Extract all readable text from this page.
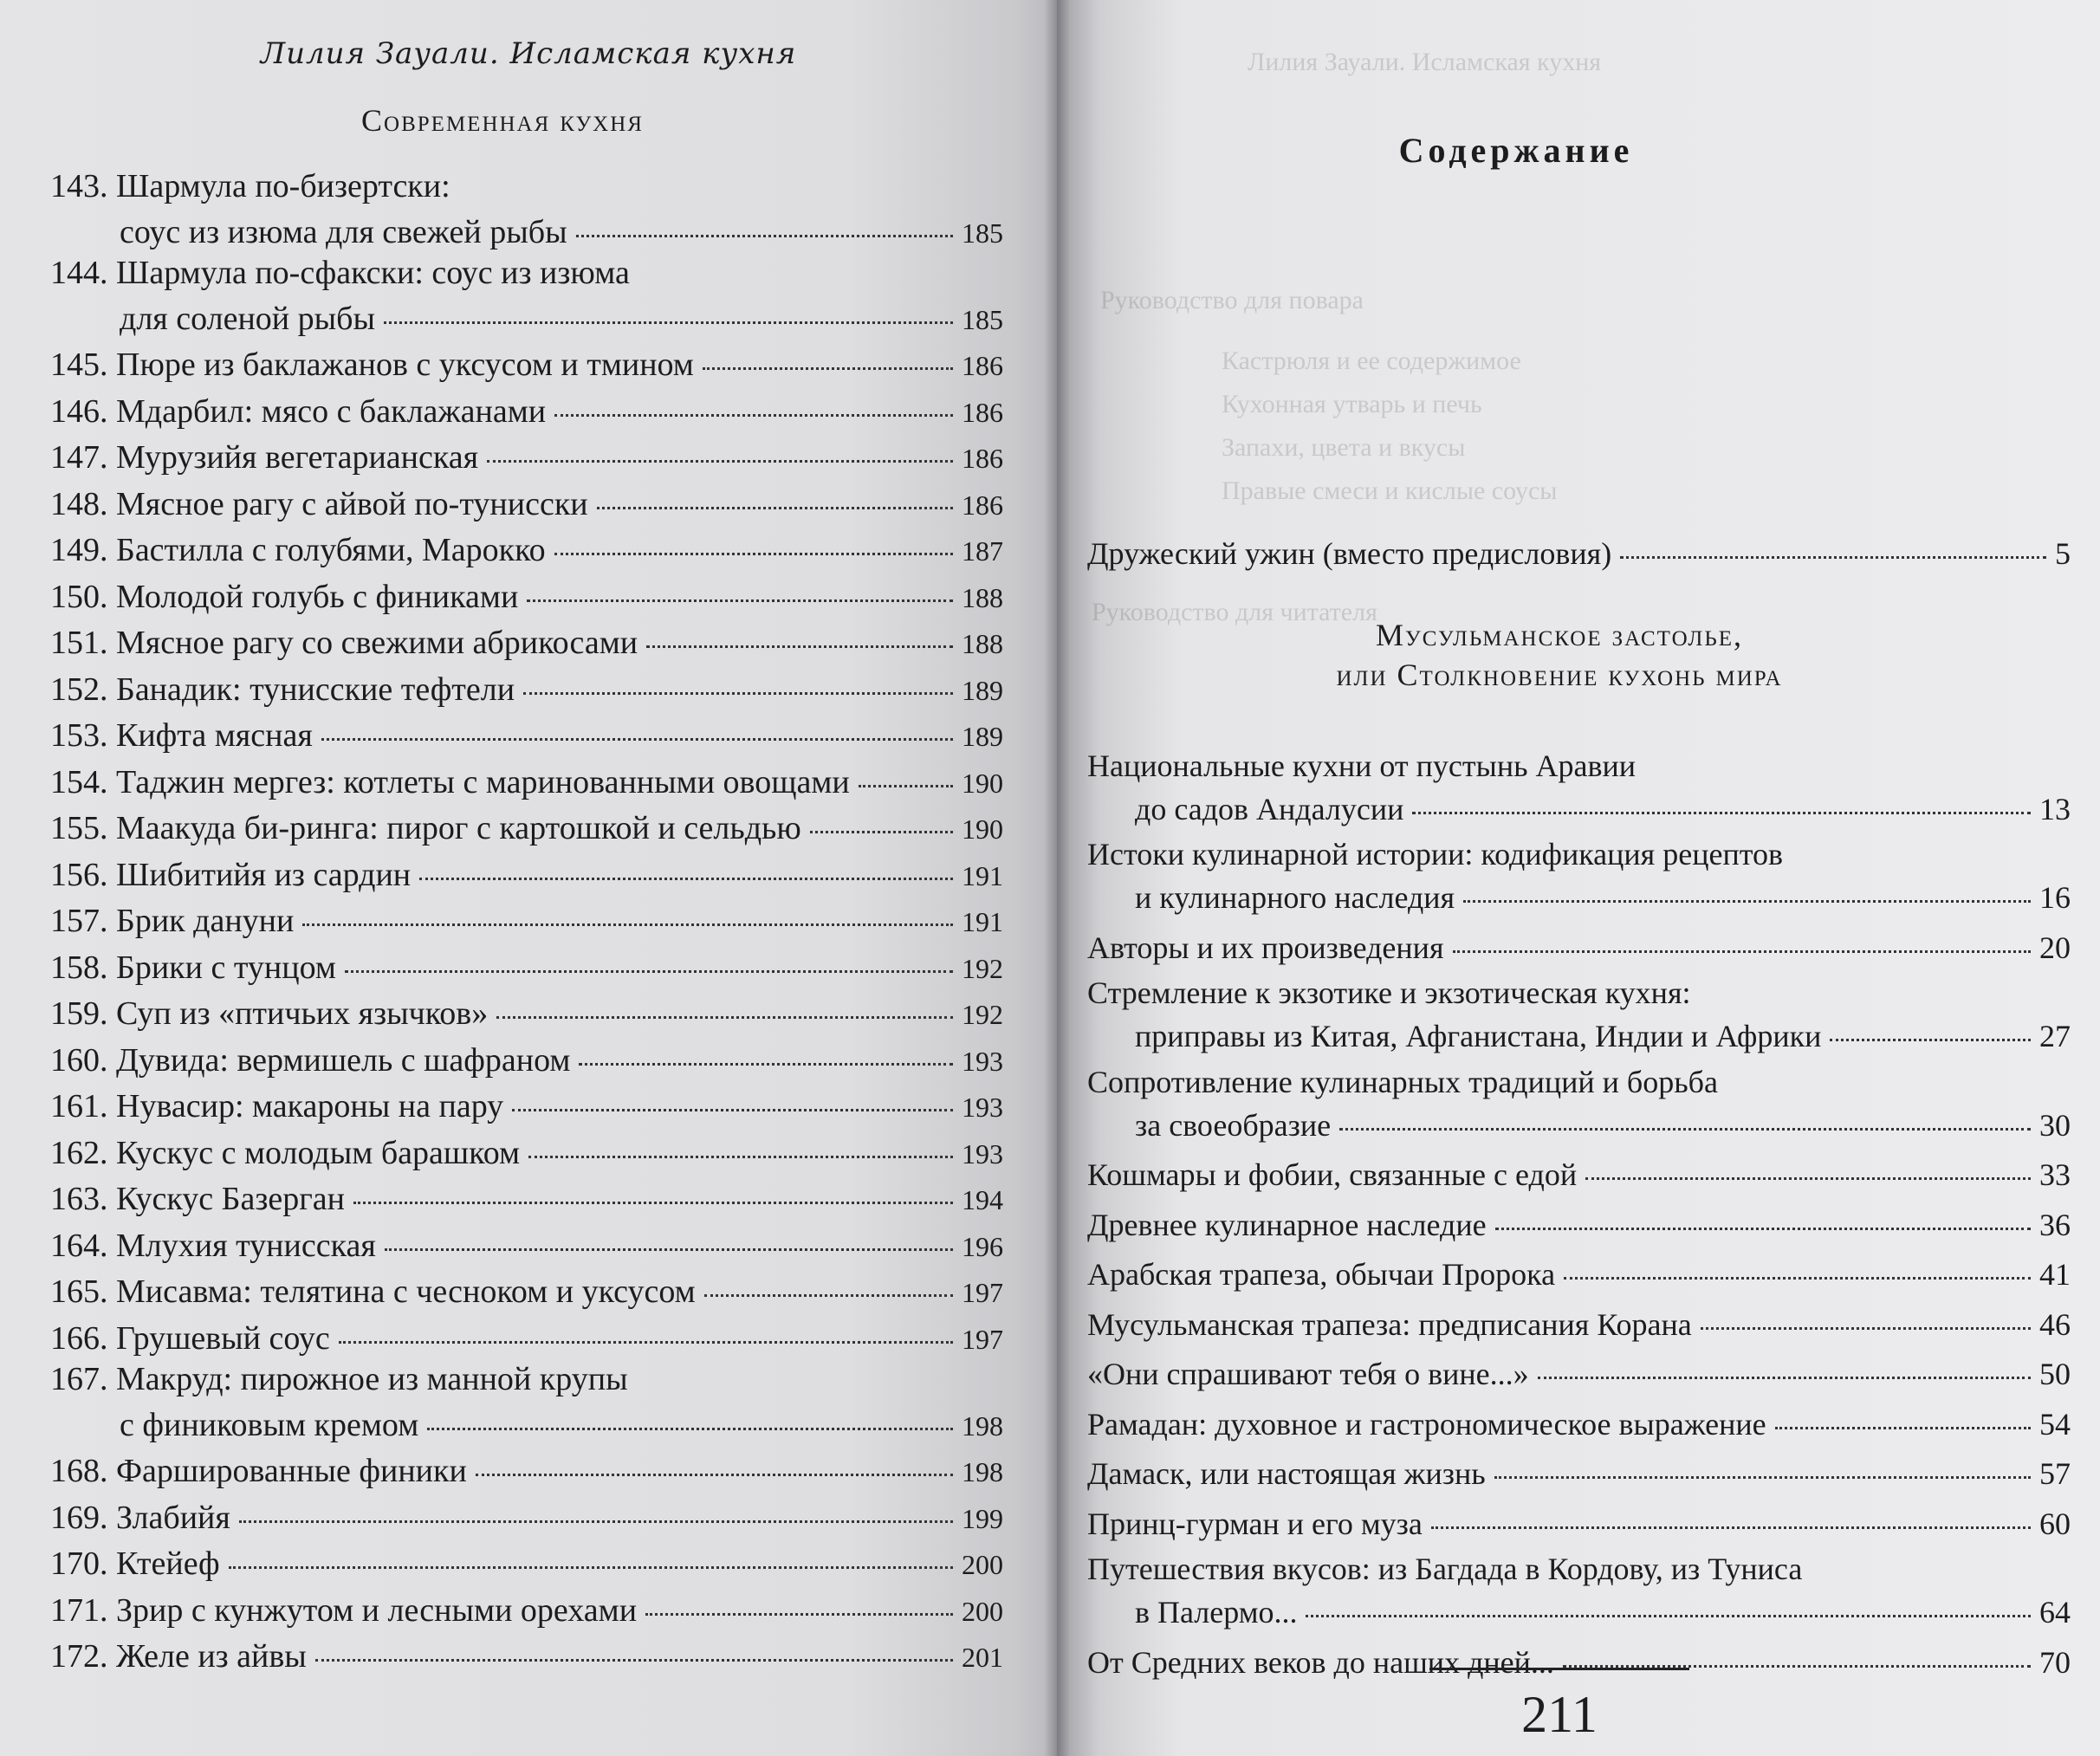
Лилия Зауали. Исламская кухня
Современная кухня
143. Шармула по-бизертски:
соус из изюма для свежей рыбы	185
144. Шармула по-сфакски: соус из изюма
для соленой рыбы	185
145. Пюре из баклажанов с уксусом и тмином	186
146. Мдарбил: мясо с баклажанами	186
147. Мурузийя вегетарианская	186
148. Мясное рагу с айвой по-тунисски	186
149. Бастилла с голубями, Марокко	187
150. Молодой голубь с финиками	188
151. Мясное рагу со свежими абрикосами	188
152. Банадик: тунисские тефтели	189
153. Кифта мясная	189
154. Таджин мергез: котлеты с маринованными овощами	190
155. Маакуда би-ринга: пирог с картошкой и сельдью	190
156. Шибитийя из сардин	191
157. Брик дануни	191
158. Брики с тунцом	192
159. Суп из «птичьих язычков»	192
160. Дувида: вермишель с шафраном	193
161. Нувасир: макароны на пару	193
162. Кускус с молодым барашком	193
163. Кускус Базерган	194
164. Млухия тунисская	196
165. Мисавма: телятина с чесноком и уксусом	197
166. Грушевый соус	197
167. Макруд: пирожное из манной крупы
с финиковым кремом	198
168. Фаршированные финики	198
169. Злабийя	199
170. Ктейеф	200
171. Зрир с кунжутом и лесными орехами	200
172. Желе из айвы	201
Лилия Зауали. Исламская кухня
Руководство для повара
Кастрюля и ее содержимое
Кухонная утварь и печь
Запахи, цвета и вкусы
Правые смеси и кислые соусы
Руководство для читателя
Содержание
Дружеский ужин (вместо предисловия)	5
Национальные кухни от пустынь Аравии
до садов Андалусии	13
Истоки кулинарной истории: кодификация рецептов
и кулинарного наследия	16
Авторы и их произведения	20
Стремление к экзотике и экзотическая кухня:
приправы из Китая, Афганистана, Индии и Африки	27
Сопротивление кулинарных традиций и борьба
за своеобразие	30
Кошмары и фобии, связанные с едой	33
Древнее кулинарное наследие	36
Арабская трапеза, обычаи Пророка	41
Мусульманская трапеза: предписания Корана	46
«Они спрашивают тебя о вине...»	50
Рамадан: духовное и гастрономическое выражение	54
Дамаск, или настоящая жизнь	57
Принц-гурман и его муза	60
Путешествия вкусов: из Багдада в Кордову, из Туниса
в Палермо...	64
От Средних веков до наших дней...	70
Мусульманское застолье,
или Столкновение кухонь мира
211
